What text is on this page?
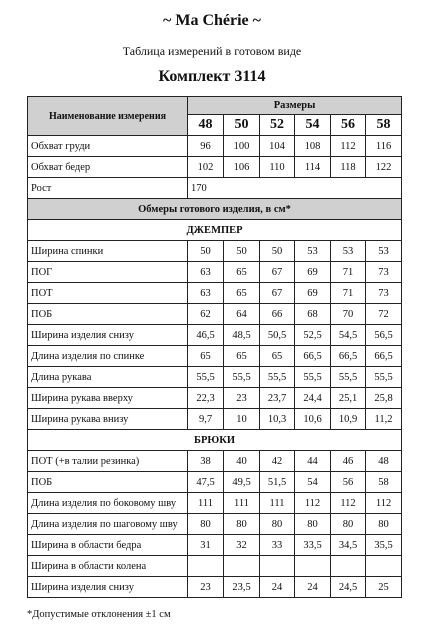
~ Ma Chérie ~
Таблица измерений в готовом виде
Комплект 3114
Наименование измерения	Размеры					
	48	50	52	54	56	58
Обхват груди	96	100	104	108	112	116
Обхват бедер	102	106	110	114	118	122
Рост	170					
Обмеры готового изделия, в см*						
ДЖЕМПЕР						
Ширина спинки	50	50	50	53	53	53
ПОГ	63	65	67	69	71	73
ПОТ	63	65	67	69	71	73
ПОБ	62	64	66	68	70	72
Ширина изделия снизу	46,5	48,5	50,5	52,5	54,5	56,5
Длина изделия по спинке	65	65	65	66,5	66,5	66,5
Длина рукава	55,5	55,5	55,5	55,5	55,5	55,5
Ширина рукава вверху	22,3	23	23,7	24,4	25,1	25,8
Ширина рукава внизу	9,7	10	10,3	10,6	10,9	11,2
БРЮКИ						
ПОТ (+в талии резинка)	38	40	42	44	46	48
ПОБ	47,5	49,5	51,5	54	56	58
Длина изделия по боковому шву	111	111	111	112	112	112
Длина изделия по шаговому шву	80	80	80	80	80	80
Ширина в области бедра	31	32	33	33,5	34,5	35,5
Ширина в области колена						
Ширина изделия снизу	23	23,5	24	24	24,5	25
*Допустимые отклонения ±1 см
